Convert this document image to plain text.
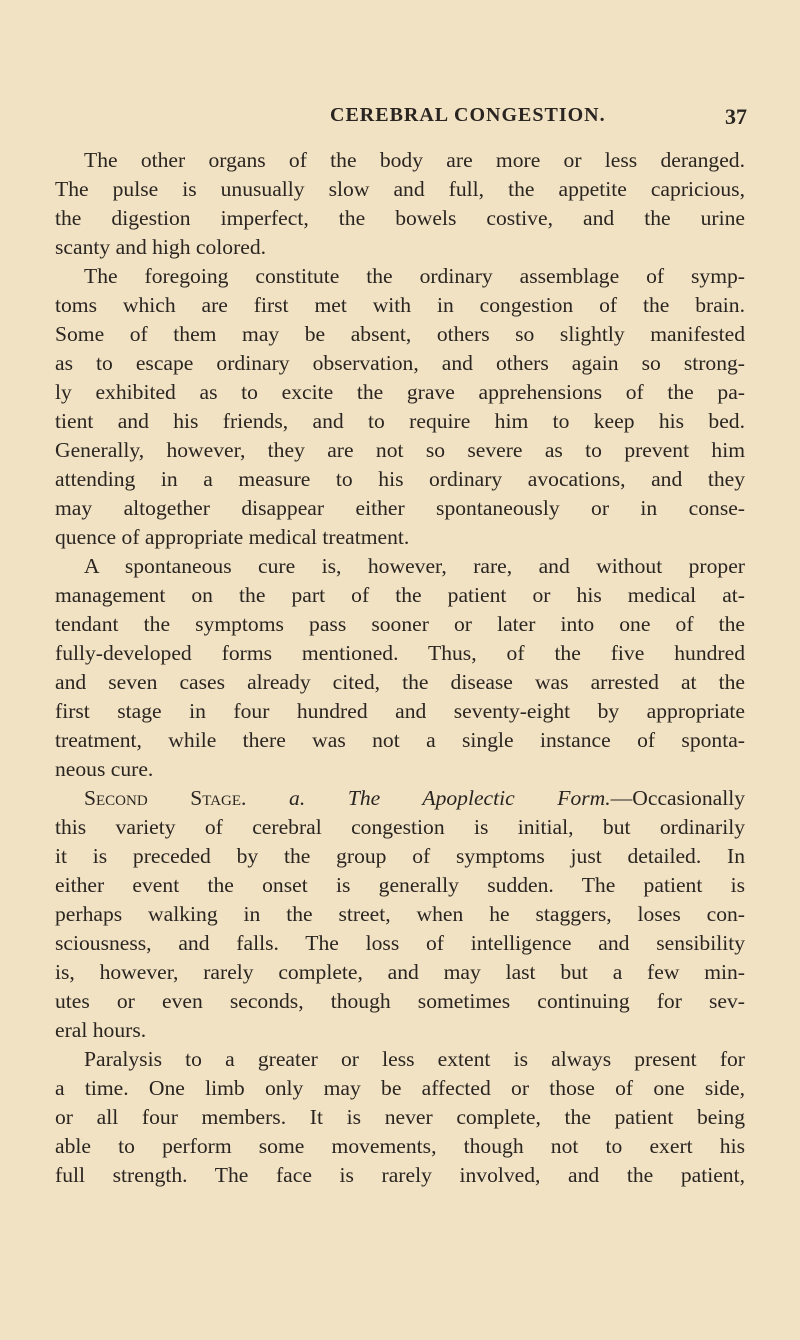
CEREBRAL CONGESTION.	37
The other organs of the body are more or less deranged.
The pulse is unusually slow and full, the appetite capricious,
the digestion imperfect, the bowels costive, and the urine
scanty and high colored.
The foregoing constitute the ordinary assemblage of symp-
toms which are first met with in congestion of the brain.
Some of them may be absent, others so slightly manifested
as to escape ordinary observation, and others again so strong-
ly exhibited as to excite the grave apprehensions of the pa-
tient and his friends, and to require him to keep his bed.
Generally, however, they are not so severe as to prevent him
attending in a measure to his ordinary avocations, and they
may altogether disappear either spontaneously or in conse-
quence of appropriate medical treatment.
A spontaneous cure is, however, rare, and without proper
management on the part of the patient or his medical at-
tendant the symptoms pass sooner or later into one of the
fully-developed forms mentioned. Thus, of the five hundred
and seven cases already cited, the disease was arrested at the
first stage in four hundred and seventy-eight by appropriate
treatment, while there was not a single instance of sponta-
neous cure.
Second Stage. a. The Apoplectic Form.—Occasionally
this variety of cerebral congestion is initial, but ordinarily
it is preceded by the group of symptoms just detailed. In
either event the onset is generally sudden. The patient is
perhaps walking in the street, when he staggers, loses con-
sciousness, and falls. The loss of intelligence and sensibility
is, however, rarely complete, and may last but a few min-
utes or even seconds, though sometimes continuing for sev-
eral hours.
Paralysis to a greater or less extent is always present for
a time. One limb only may be affected or those of one side,
or all four members. It is never complete, the patient being
able to perform some movements, though not to exert his
full strength. The face is rarely involved, and the patient,
